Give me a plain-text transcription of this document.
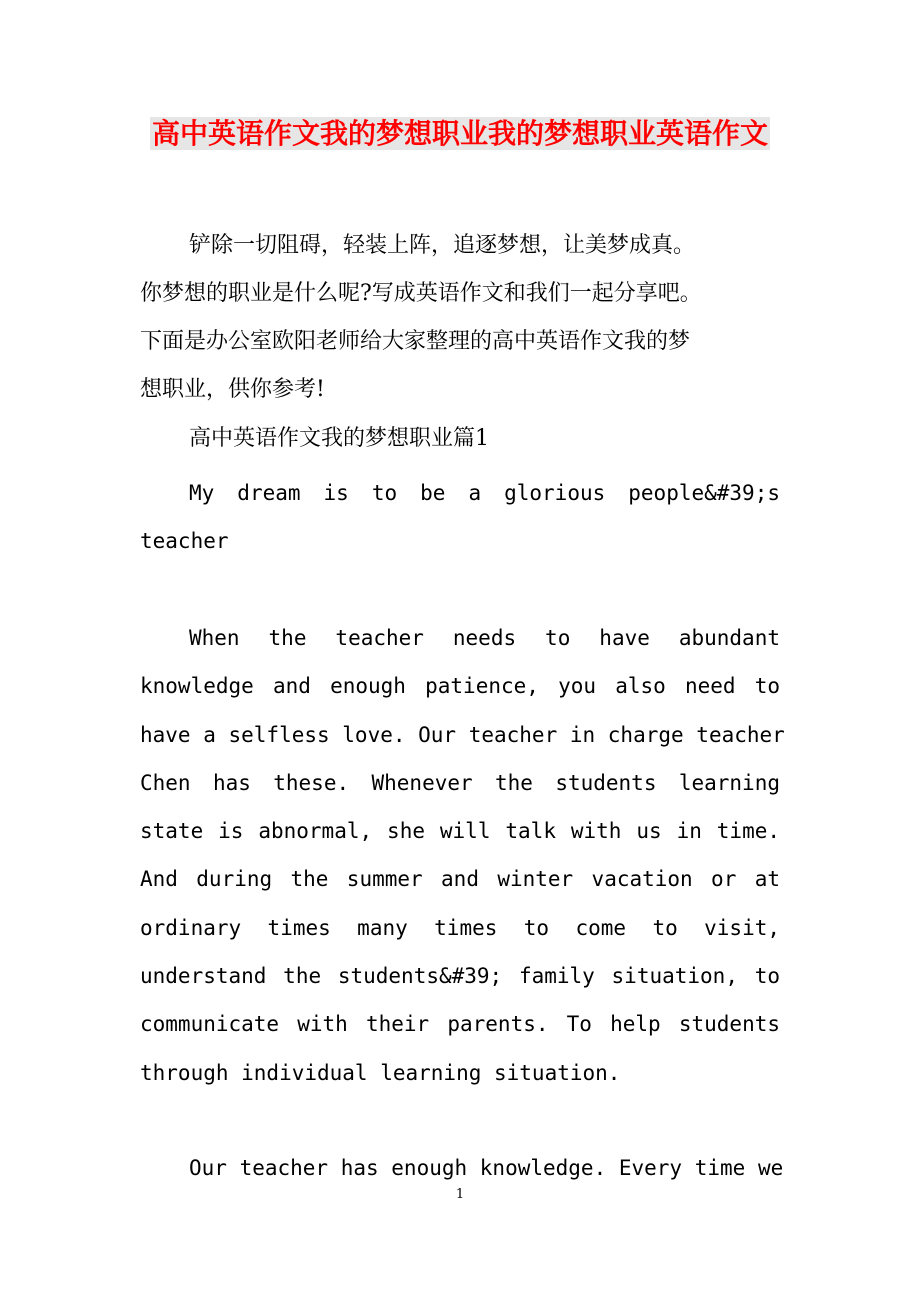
高中英语作文我的梦想职业我的梦想职业英语作文
铲除一切阻碍，轻装上阵，追逐梦想，让美梦成真。
你梦想的职业是什么呢?写成英语作文和我们一起分享吧。
下面是办公室欧阳老师给大家整理的高中英语作文我的梦
想职业，供你参考!
高中英语作文我的梦想职业篇1
My dream is to be a glorious people&#39;s
teacher
When the teacher needs to have abundant
knowledge and enough patience, you also need to
have a selfless love. Our teacher in charge teacher
Chen has these. Whenever the students learning
state is abnormal, she will talk with us in time.
And during the summer and winter vacation or at
ordinary times many times to come to visit,
understand the students&#39; family situation, to
communicate with their parents. To help students
through individual learning situation.
Our teacher has enough knowledge. Every time we
1
